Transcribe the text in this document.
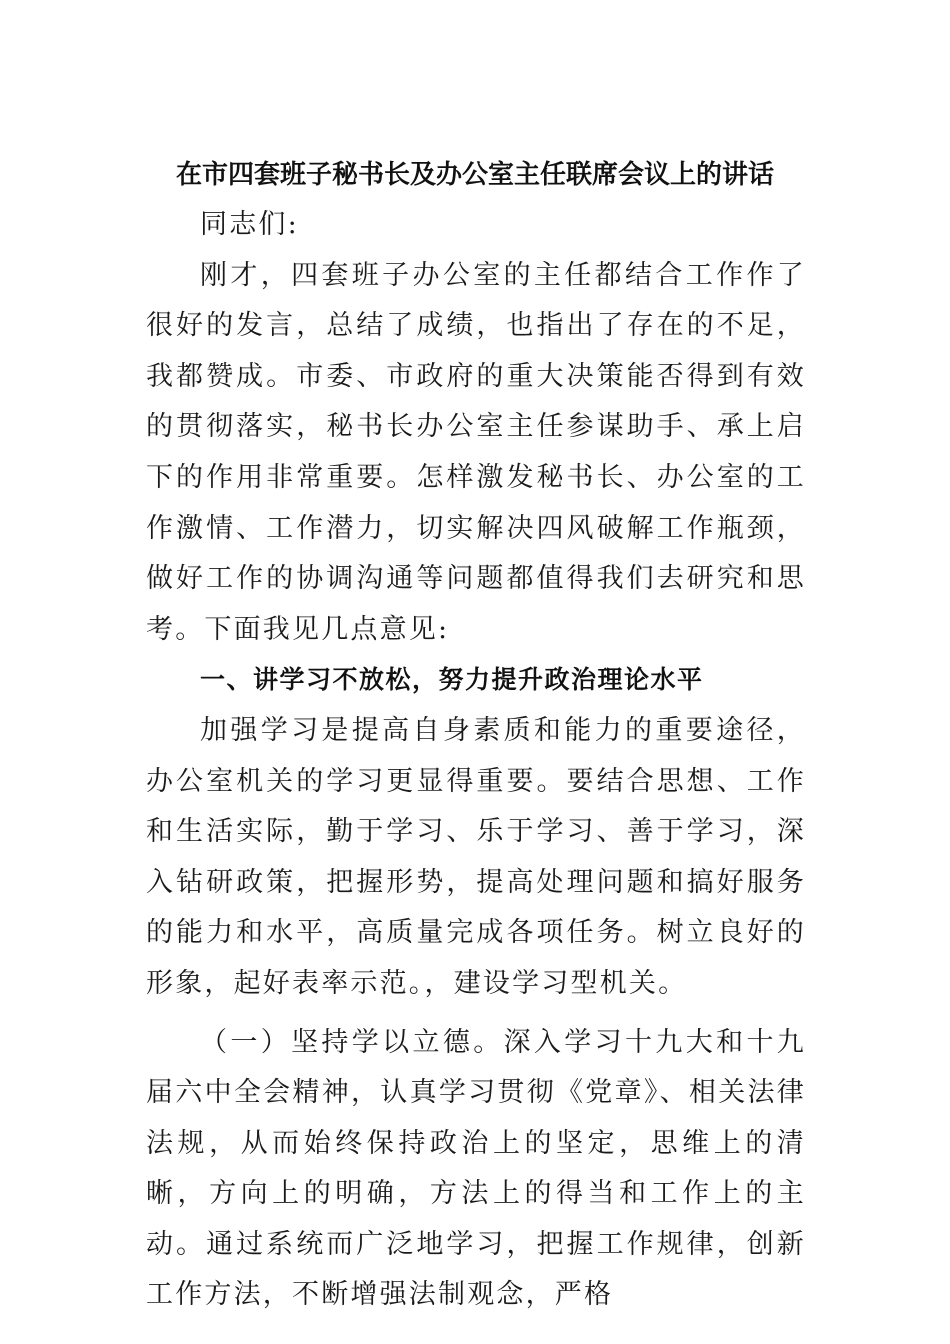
在市四套班子秘书长及办公室主任联席会议上的讲话

同志们:

刚才，四套班子办公室的主任都结合工作作了很好的发言，总结了成绩，也指出了存在的不足，我都赞成。市委、市政府的重大决策能否得到有效的贯彻落实，秘书长办公室主任参谋助手、承上启下的作用非常重要。怎样激发秘书长、办公室的工作激情、工作潜力，切实解决四风破解工作瓶颈，做好工作的协调沟通等问题都值得我们去研究和思考。下面我见几点意见:

一、讲学习不放松，努力提升政治理论水平

加强学习是提高自身素质和能力的重要途径，办公室机关的学习更显得重要。要结合思想、工作和生活实际，勤于学习、乐于学习、善于学习，深入钻研政策，把握形势，提高处理问题和搞好服务的能力和水平，高质量完成各项任务。树立良好的形象，起好表率示范。，建设学习型机关。

（一）坚持学以立德。深入学习十九大和十九届六中全会精神，认真学习贯彻《党章》、相关法律法规，从而始终保持政治上的坚定，思维上的清晰，方向上的明确，方法上的得当和工作上的主动。通过系统而广泛地学习，把握工作规律，创新工作方法，不断增强法制观念，严格
